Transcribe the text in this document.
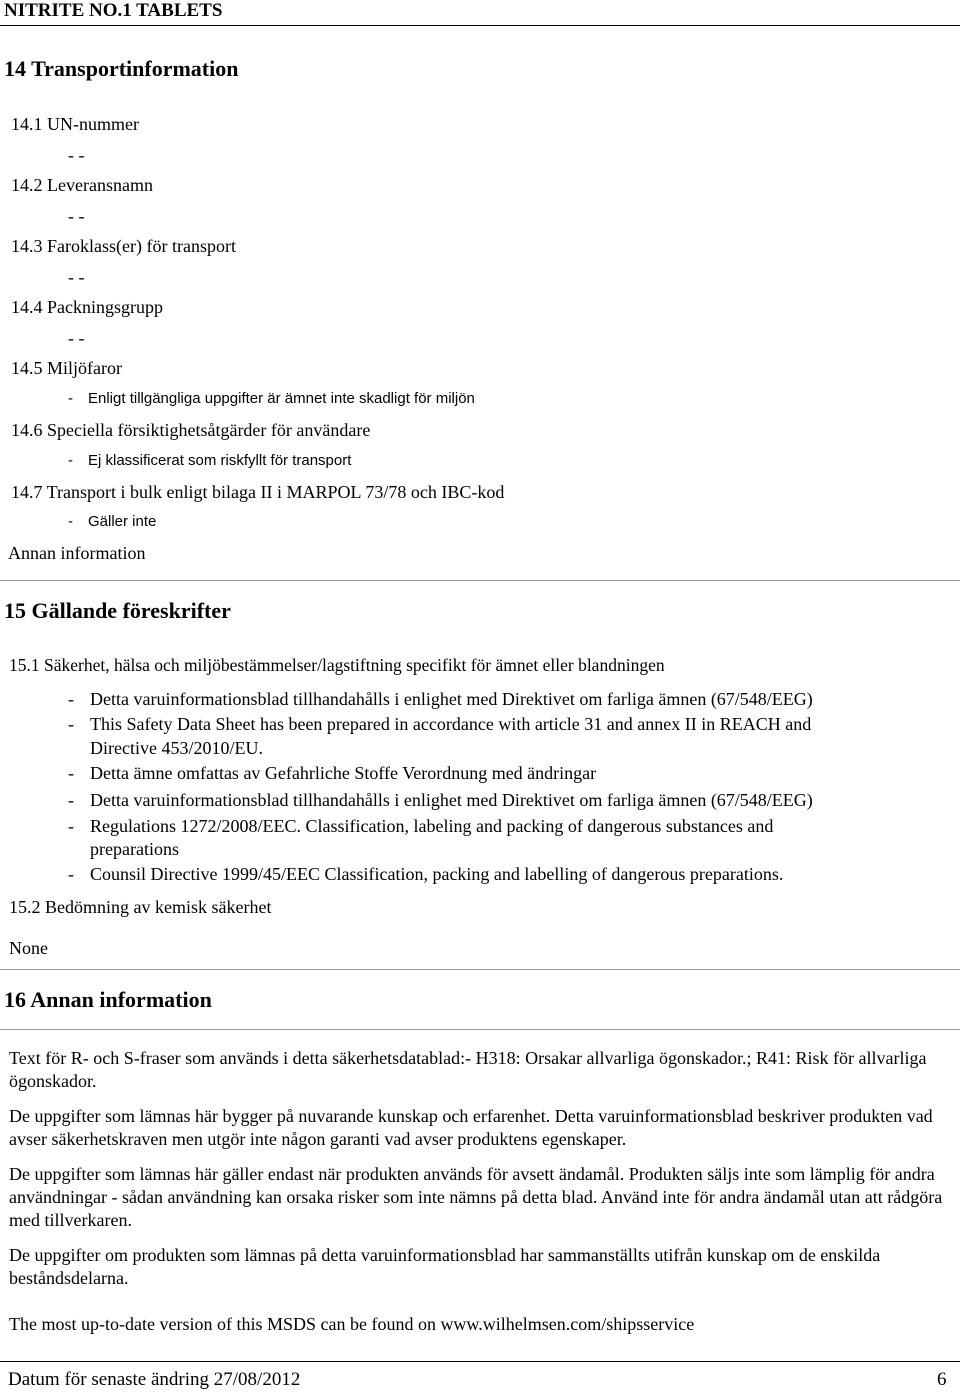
NITRITE NO.1 TABLETS
14 Transportinformation
14.1 UN-nummer
- -
14.2 Leveransnamn
- -
14.3 Faroklass(er) för transport
- -
14.4 Packningsgrupp
- -
14.5 Miljöfaror
- Enligt tillgängliga uppgifter är ämnet inte skadligt för miljön
14.6 Speciella försiktighetsåtgärder för användare
- Ej klassificerat som riskfyllt för transport
14.7 Transport i bulk enligt bilaga II i MARPOL 73/78 och IBC-kod
- Gäller inte
Annan information
15 Gällande föreskrifter
15.1 Säkerhet, hälsa och miljöbestämmelser/lagstiftning specifikt för ämnet eller blandningen
- Detta varuinformationsblad tillhandahålls i enlighet med Direktivet om farliga ämnen (67/548/EEG)
- This Safety Data Sheet has been prepared in accordance with article 31 and annex II in REACH and
Directive 453/2010/EU.
- Detta ämne omfattas av Gefahrliche Stoffe Verordnung med ändringar
- Detta varuinformationsblad tillhandahålls i enlighet med Direktivet om farliga ämnen (67/548/EEG)
- Regulations 1272/2008/EEC. Classification, labeling and packing of dangerous substances and
preparations
- Counsil Directive 1999/45/EEC Classification, packing and labelling of dangerous preparations.
15.2 Bedömning av kemisk säkerhet
None
16 Annan information
Text för R- och S-fraser som används i detta säkerhetsdatablad:- H318: Orsakar allvarliga ögonskador.; R41: Risk för allvarliga ögonskador.
De uppgifter som lämnas här bygger på nuvarande kunskap och erfarenhet. Detta varuinformationsblad beskriver produkten vad avser säkerhetskraven men utgör inte någon garanti vad avser produktens egenskaper.
De uppgifter som lämnas här gäller endast när produkten används för avsett ändamål. Produkten säljs inte som lämplig för andra användningar - sådan användning kan orsaka risker som inte nämns på detta blad. Använd inte för andra ändamål utan att rådgöra med tillverkaren.
De uppgifter om produkten som lämnas på detta varuinformationsblad har sammanställts utifrån kunskap om de enskilda beståndsdelarna.
The most up-to-date version of this MSDS can be found on www.wilhelmsen.com/shipsservice
Datum för senaste ändring 27/08/2012	6
